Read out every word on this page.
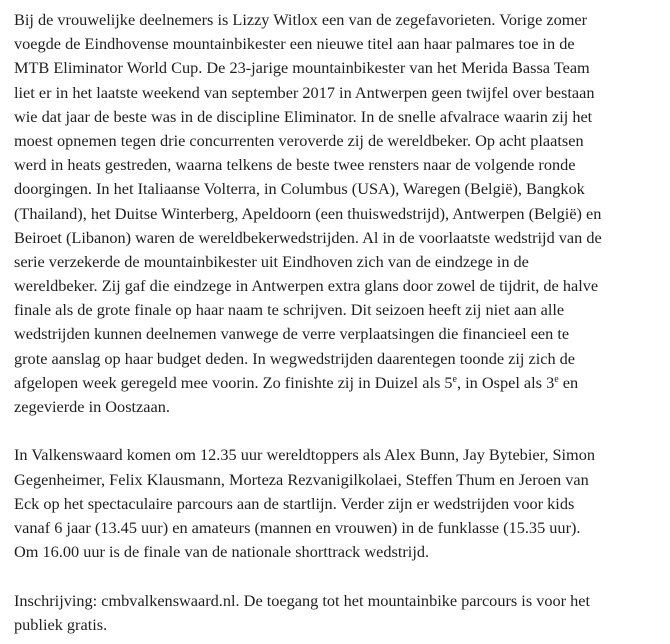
Bij de vrouwelijke deelnemers is Lizzy Witlox een van de zegefavorieten. Vorige zomer
voegde de Eindhovense mountainbikester een nieuwe titel aan haar palmares toe in de
MTB Eliminator World Cup. De 23-jarige mountainbikester van het Merida Bassa Team
liet er in het laatste weekend van september 2017 in Antwerpen geen twijfel over bestaan
wie dat jaar de beste was in de discipline Eliminator. In de snelle afvalrace waarin zij het
moest opnemen tegen drie concurrenten veroverde zij de wereldbeker. Op acht plaatsen
werd in heats gestreden, waarna telkens de beste twee rensters naar de volgende ronde
doorgingen. In het Italiaanse Volterra, in Columbus (USA), Waregen (België), Bangkok
(Thailand), het Duitse Winterberg, Apeldoorn (een thuiswedstrijd), Antwerpen (België) en
Beiroet (Libanon) waren de wereldbekerwedstrijden. Al in de voorlaatste wedstrijd van de
serie verzekerde de mountainbikester uit Eindhoven zich van de eindzege in de
wereldbeker. Zij gaf die eindzege in Antwerpen extra glans door zowel de tijdrit, de halve
finale als de grote finale op haar naam te schrijven. Dit seizoen heeft zij niet aan alle
wedstrijden kunnen deelnemen vanwege de verre verplaatsingen die financieel een te
grote aanslag op haar budget deden. In wegwedstrijden daarentegen toonde zij zich de
afgelopen week geregeld mee voorin. Zo finishte zij in Duizel als 5e, in Ospel als 3e en
zegevierde in Oostzaan.
In Valkenswaard komen om 12.35 uur wereldtoppers als Alex Bunn, Jay Bytebier, Simon
Gegenheimer, Felix Klausmann, Morteza Rezvanigilkolaei, Steffen Thum en Jeroen van
Eck op het spectaculaire parcours aan de startlijn. Verder zijn er wedstrijden voor kids
vanaf 6 jaar (13.45 uur) en amateurs (mannen en vrouwen) in de funklasse (15.35 uur).
Om 16.00 uur is de finale van de nationale shorttrack wedstrijd.
Inschrijving: cmbvalkenswaard.nl. De toegang tot het mountainbike parcours is voor het
publiek gratis.
